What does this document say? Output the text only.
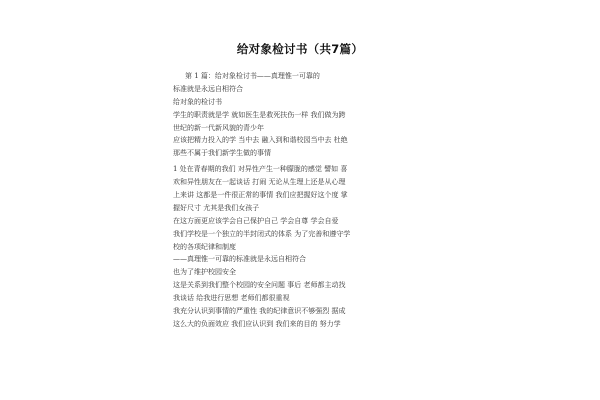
给对象检讨书（共7篇）
第 1 篇：给对象检讨书——真理惟一可靠的
标准就是永远自相符合
给对象的检讨书
学生的职责就是学 就如医生是救死扶伤一样 我们做为跨
世纪的新一代新风貌的青少年
应该把精力投入的学 当中去 融入到和谐校园当中去 杜绝
那些不属于我们新学生做的事情
1 处在青春期的我们 对异性产生一种朦胧的感觉 譬如 喜
欢和异性朋友在一起谈话 打闹 无论从生理上还是从心理
上来讲 这都是一件很正常的事情 我们应把握好这个度 掌
握好尺寸 尤其是我们女孩子
在这方面更应该学会自己保护自己 学会自尊 学会自爱
我们学校是一个独立的半封闭式的体系 为了完善和遵守学
校的各项纪律和制度
——真理惟一可靠的标准就是永远自相符合
也为了维护校园安全
这是关系到我们整个校园的安全问题 事后 老师都主动找
我谈话 给我进行思想 老师们都很重视
我充分认识到事情的严重性 我的纪律意识不够强烈 据成
这么大的负面效应 我们应认识到 我们来的目的 努力学
